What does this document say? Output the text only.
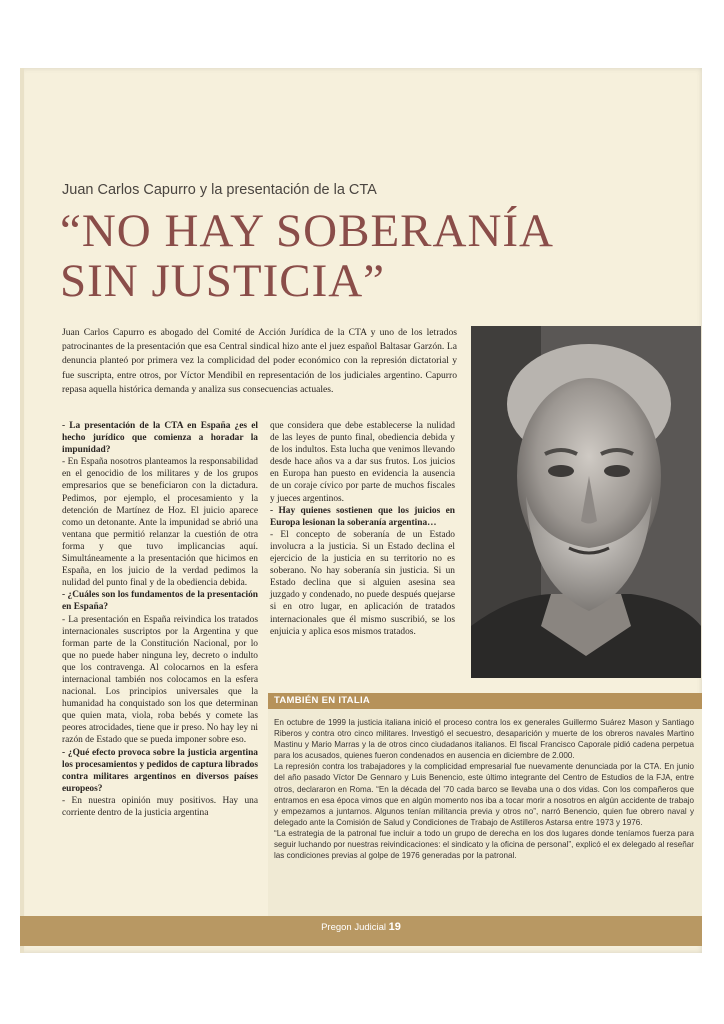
Juan Carlos Capurro y la presentación de la CTA
“NO HAY SOBERANÍA
SIN JUSTICIA”
Juan Carlos Capurro es abogado del Comité de Acción Jurídica de la CTA y uno de los letrados patrocinantes de la presentación que esa Central sindical hizo ante el juez español Baltasar Garzón. La denuncia planteó por primera vez la complicidad del poder económico con la represión dictatorial y fue suscripta, entre otros, por Víctor Mendibil en representación de los judiciales argentino. Capurro repasa aquella histórica demanda y analiza sus consecuencias actuales.

- La presentación de la CTA en España ¿es el hecho jurídico que comienza a horadar la impunidad?

- En España nosotros planteamos la responsabilidad en el genocidio de los militares y de los grupos empresarios que se beneficiaron con la dictadura. Pedimos, por ejemplo, el procesamiento y la detención de Martínez de Hoz. El juicio aparece como un detonante. Ante la impunidad se abrió una ventana que permitió relanzar la cuestión de otra forma y que tuvo implicancias aquí. Simultáneamente a la presentación que hicimos en España, en los juicio de la verdad pedimos la nulidad del punto final y de la obediencia debida.

- ¿Cuáles son los fundamentos de la presentación en España?

- La presentación en España reivindica los tratados internacionales suscriptos por la Argentina y que forman parte de la Constitución Nacional, por lo que no puede haber ninguna ley, decreto o indulto que los contravenga. Al colocarnos en la esfera internacional también nos colocamos en la esfera nacional. Los principios universales que la humanidad ha conquistado son los que determinan que quien mata, viola, roba bebés y comete las peores atrocidades, tiene que ir preso. No hay ley ni razón de Estado que se pueda imponer sobre eso.

- ¿Qué efecto provoca sobre la justicia argentina los procesamientos y pedidos de captura librados contra militares argentinos en diversos países europeos?

- En nuestra opinión muy positivos. Hay una corriente dentro de la justicia argentina

que considera que debe establecerse la nulidad de las leyes de punto final, obediencia debida y de los indultos. Esta lucha que venimos llevando desde hace años va a dar sus frutos. Los juicios en Europa han puesto en evidencia la ausencia de un coraje cívico por parte de muchos fiscales y jueces argentinos.

- Hay quienes sostienen que los juicios en Europa lesionan la soberanía argentina…

- El concepto de soberanía de un Estado involucra a la justicia. Si un Estado declina el ejercicio de la justicia en su territorio no es soberano. No hay soberanía sin justicia. Si un Estado declina que si alguien asesina sea juzgado y condenado, no puede después quejarse si en otro lugar, en aplicación de tratados internacionales que él mismo suscribió, se los enjuicia y aplica esos mismos tratados.

TAMBIÉN EN ITALIA

En octubre de 1999 la justicia italiana inició el proceso contra los ex generales Guillermo Suárez Mason y Santiago Riberos y contra otro cinco militares. Investigó el secuestro, desaparición y muerte de los obreros navales Martino Mastinu y Mario Marras y la de otros cinco ciudadanos italianos. El fiscal Francisco Caporale pidió cadena perpetua para los acusados, quienes fueron condenados en ausencia en diciembre de 2.000.

La represión contra los trabajadores y la complicidad empresarial fue nuevamente denunciada por la CTA. En junio del año pasado Víctor De Gennaro y Luis Benencio, este último integrante del Centro de Estudios de la FJA, entre otros, declararon en Roma. “En la década del ’70 cada barco se llevaba una o dos vidas. Con los compañeros que entramos en esa época vimos que en algún momento nos iba a tocar morir a nosotros en algún accidente de trabajo y empezamos a juntarnos. Algunos tenían militancia previa y otros no”, narró Benencio, quien fue obrero naval y delegado ante la Comisión de Salud y Condiciones de Trabajo de Astilleros Astarsa entre 1973 y 1976.

“La estrategia de la patronal fue incluir a todo un grupo de derecha en los dos lugares donde teníamos fuerza para seguir luchando por nuestras reivindicaciones: el sindicato y la oficina de personal”, explicó el ex delegado al reseñar las condiciones previas al golpe de 1976 generadas por la patronal.

Pregon Judicial 19
